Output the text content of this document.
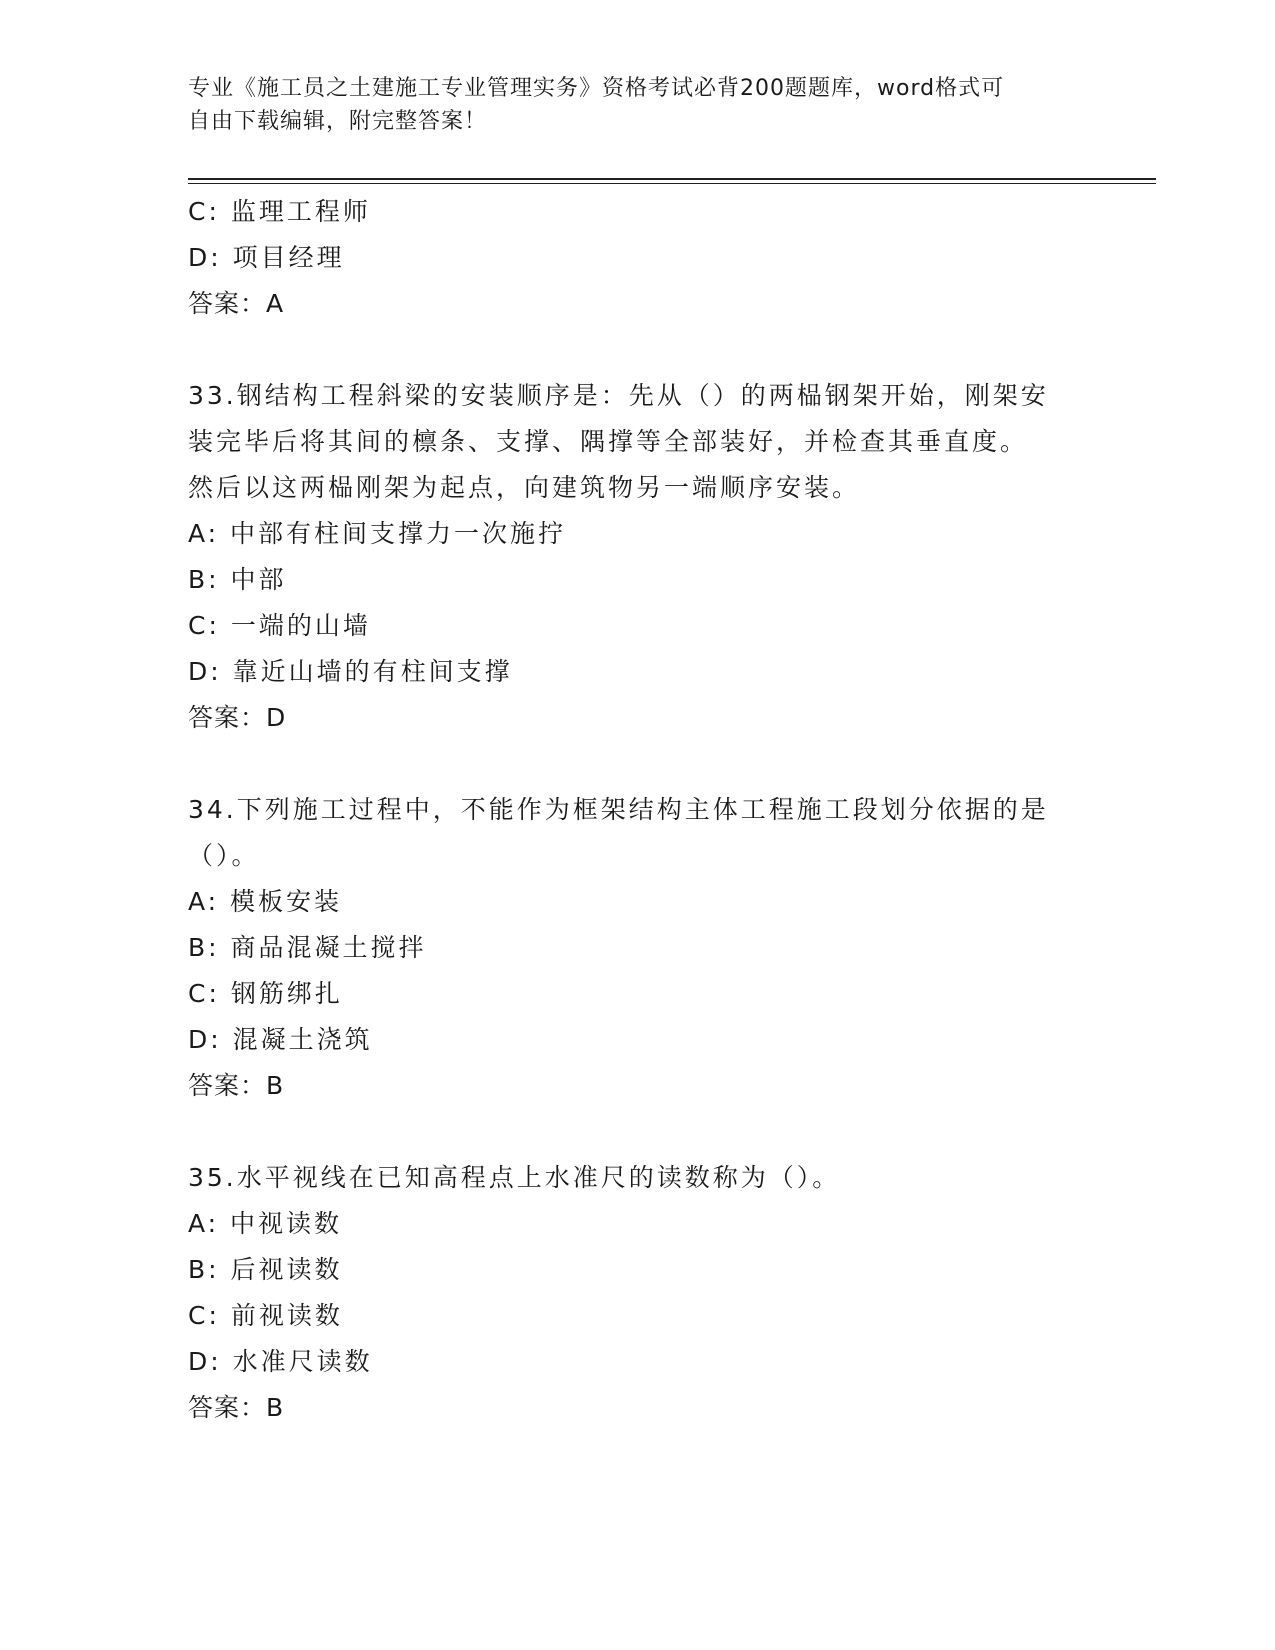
专业《施工员之土建施工专业管理实务》资格考试必背200题题库，word格式可
自由下载编辑，附完整答案！
C: 监理工程师
D: 项目经理
答案：A
33.钢结构工程斜梁的安装顺序是：先从（）的两榀钢架开始，刚架安
装完毕后将其间的檩条、支撑、隅撑等全部装好，并检查其垂直度。
然后以这两榀刚架为起点，向建筑物另一端顺序安装。
A: 中部有柱间支撑力一次施拧
B: 中部
C: 一端的山墙
D: 靠近山墙的有柱间支撑
答案：D
34.下列施工过程中，不能作为框架结构主体工程施工段划分依据的是
（）。
A: 模板安装
B: 商品混凝土搅拌
C: 钢筋绑扎
D: 混凝土浇筑
答案：B
35.水平视线在已知高程点上水准尺的读数称为（）。
A: 中视读数
B: 后视读数
C: 前视读数
D: 水准尺读数
答案：B
